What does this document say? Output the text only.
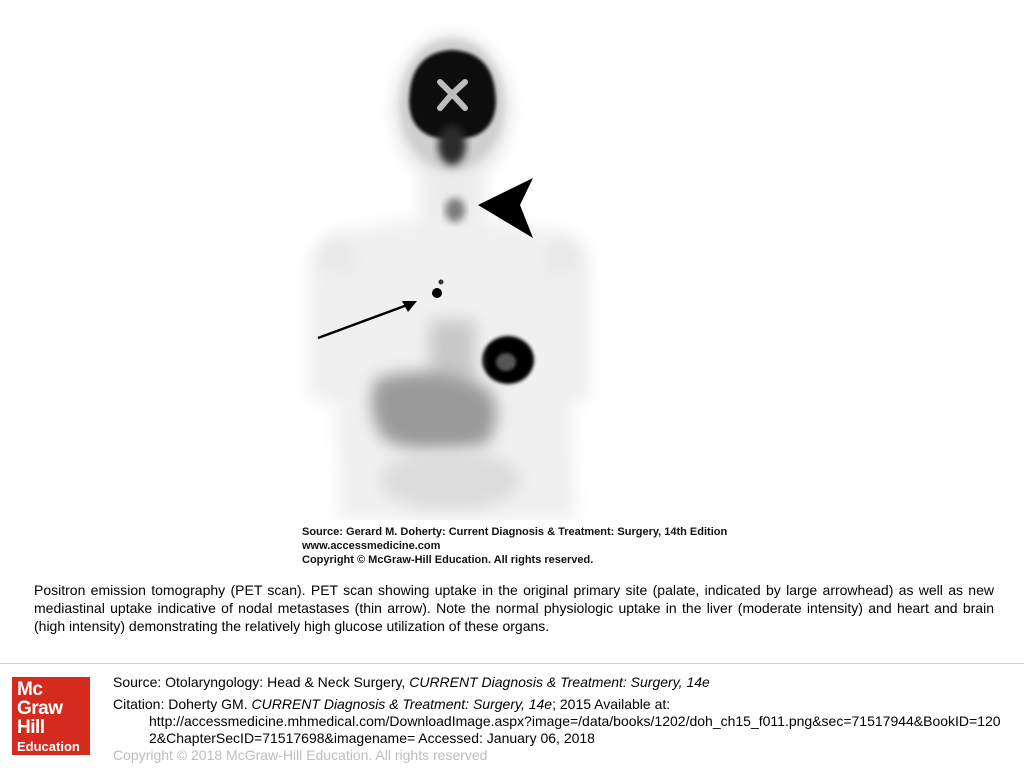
Source: Gerard M. Doherty: Current Diagnosis & Treatment: Surgery, 14th Edition
www.accessmedicine.com
Copyright © McGraw-Hill Education. All rights reserved.
Positron emission tomography (PET scan). PET scan showing uptake in the original primary site (palate, indicated by large arrowhead) as well as new mediastinal uptake indicative of nodal metastases (thin arrow). Note the normal physiologic uptake in the liver (moderate intensity) and heart and brain (high intensity) demonstrating the relatively high glucose utilization of these organs.
Mc
Graw
Hill
Education
Source: Otolaryngology: Head & Neck Surgery, CURRENT Diagnosis & Treatment: Surgery, 14e
Citation: Doherty GM. CURRENT Diagnosis & Treatment: Surgery, 14e; 2015 Available at:
http://accessmedicine.mhmedical.com/DownloadImage.aspx?image=/data/books/1202/doh_ch15_f011.png&sec=71517944&BookID=120
2&ChapterSecID=71517698&imagename= Accessed: January 06, 2018
Copyright © 2018 McGraw-Hill Education. All rights reserved
